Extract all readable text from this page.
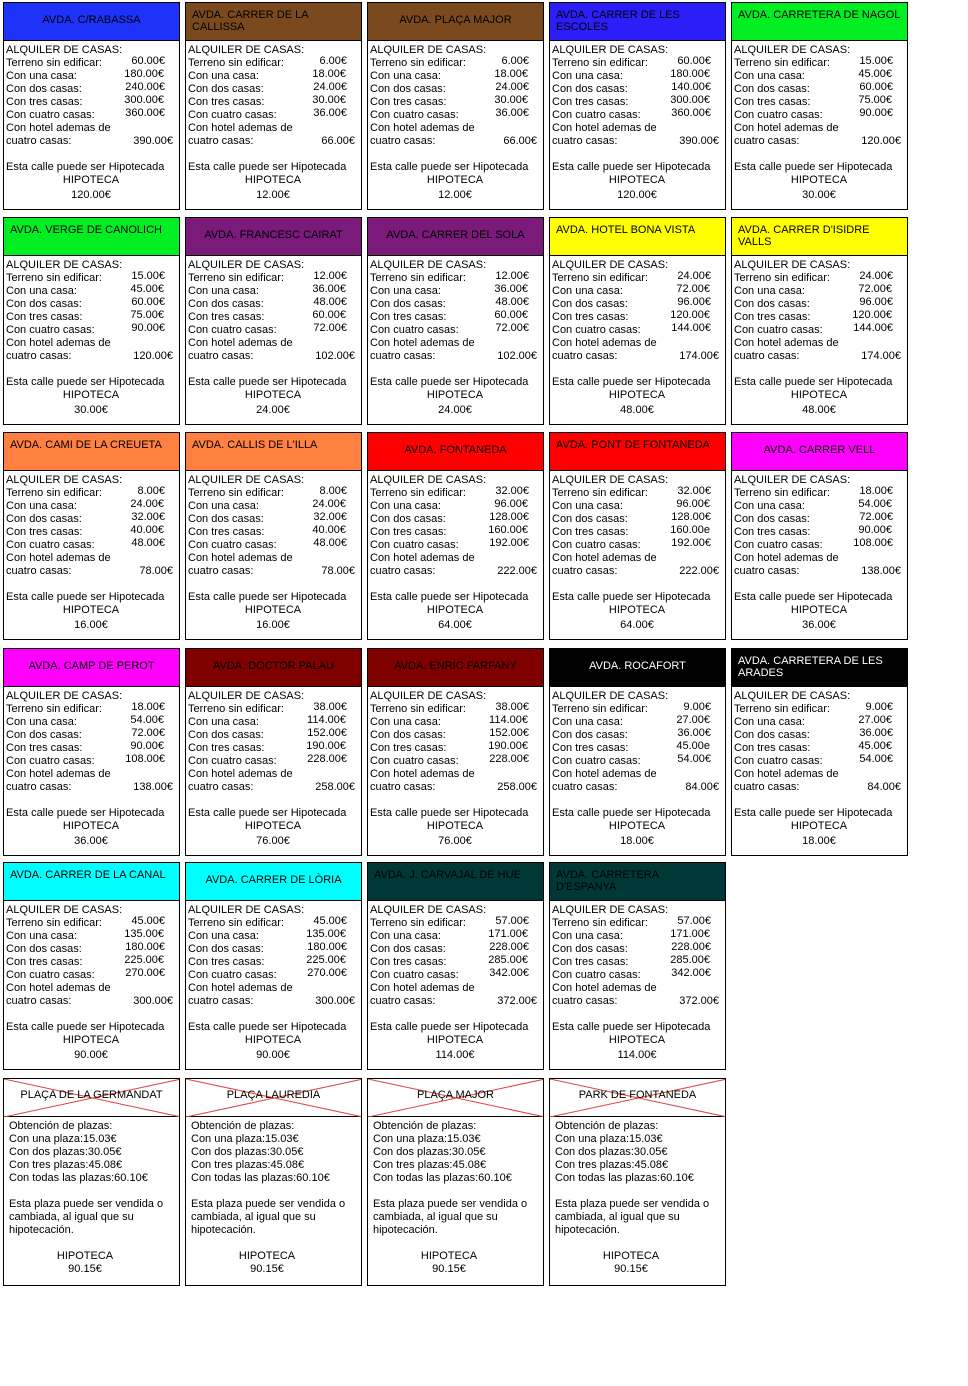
AVDA. C/RABASSA
ALQUILER DE CASAS:
Terreno sin edificar:	60.00€
Con una casa:	180.00€
Con dos casas:	240.00€
Con tres casas:	300.00€
Con cuatro casas:	360.00€
Con hotel ademas de
cuatro casas:	390.00€
Esta calle puede ser Hipotecada
HIPOTECA
120.00€
AVDA. CARRER DE LA CALLISSA
ALQUILER DE CASAS:
Terreno sin edificar:	6.00€
Con una casa:	18.00€
Con dos casas:	24.00€
Con tres casas:	30.00€
Con cuatro casas:	36.00€
Con hotel ademas de
cuatro casas:	66.00€
Esta calle puede ser Hipotecada
HIPOTECA
12.00€
AVDA. PLAÇA MAJOR
ALQUILER DE CASAS:
Terreno sin edificar:	6.00€
Con una casa:	18.00€
Con dos casas:	24.00€
Con tres casas:	30.00€
Con cuatro casas:	36.00€
Con hotel ademas de
cuatro casas:	66.00€
Esta calle puede ser Hipotecada
HIPOTECA
12.00€
AVDA. CARRER DE LES ESCOLES
ALQUILER DE CASAS:
Terreno sin edificar:	60.00€
Con una casa:	180.00€
Con dos casas:	140.00€
Con tres casas:	300.00€
Con cuatro casas:	360.00€
Con hotel ademas de
cuatro casas:	390.00€
Esta calle puede ser Hipotecada
HIPOTECA
120.00€
AVDA. CARRETERA DE NAGOL
ALQUILER DE CASAS:
Terreno sin edificar:	15.00€
Con una casa:	45.00€
Con dos casas:	60.00€
Con tres casas:	75.00€
Con cuatro casas:	90.00€
Con hotel ademas de
cuatro casas:	120.00€
Esta calle puede ser Hipotecada
HIPOTECA
30.00€
AVDA. VERGE DE CANOLICH
ALQUILER DE CASAS:
Terreno sin edificar:	15.00€
Con una casa:	45.00€
Con dos casas:	60.00€
Con tres casas:	75.00€
Con cuatro casas:	90.00€
Con hotel ademas de
cuatro casas:	120.00€
Esta calle puede ser Hipotecada
HIPOTECA
30.00€
AVDA. FRANCESC CAIRAT
ALQUILER DE CASAS:
Terreno sin edificar:	12.00€
Con una casa:	36.00€
Con dos casas:	48.00€
Con tres casas:	60.00€
Con cuatro casas:	72.00€
Con hotel ademas de
cuatro casas:	102.00€
Esta calle puede ser Hipotecada
HIPOTECA
24.00€
AVDA. CARRER DEL SOLA
ALQUILER DE CASAS:
Terreno sin edificar:	12.00€
Con una casa:	36.00€
Con dos casas:	48.00€
Con tres casas:	60.00€
Con cuatro casas:	72.00€
Con hotel ademas de
cuatro casas:	102.00€
Esta calle puede ser Hipotecada
HIPOTECA
24.00€
AVDA. HOTEL BONA VISTA
ALQUILER DE CASAS:
Terreno sin edificar:	24.00€
Con una casa:	72.00€
Con dos casas:	96.00€
Con tres casas:	120.00€
Con cuatro casas:	144.00€
Con hotel ademas de
cuatro casas:	174.00€
Esta calle puede ser Hipotecada
HIPOTECA
48.00€
AVDA. CARRER D'ISIDRE VALLS
ALQUILER DE CASAS:
Terreno sin edificar:	24.00€
Con una casa:	72.00€
Con dos casas:	96.00€
Con tres casas:	120.00€
Con cuatro casas:	144.00€
Con hotel ademas de
cuatro casas:	174.00€
Esta calle puede ser Hipotecada
HIPOTECA
48.00€
AVDA. CAMI DE LA CREUETA
ALQUILER DE CASAS:
Terreno sin edificar:	8.00€
Con una casa:	24.00€
Con dos casas:	32.00€
Con tres casas:	40.00€
Con cuatro casas:	48.00€
Con hotel ademas de
cuatro casas:	78.00€
Esta calle puede ser Hipotecada
HIPOTECA
16.00€
AVDA. CALLIS DE L'ILLA
ALQUILER DE CASAS:
Terreno sin edificar:	8.00€
Con una casa:	24.00€
Con dos casas:	32.00€
Con tres casas:	40.00€
Con cuatro casas:	48.00€
Con hotel ademas de
cuatro casas:	78.00€
Esta calle puede ser Hipotecada
HIPOTECA
16.00€
AVDA. FONTANEDA
ALQUILER DE CASAS:
Terreno sin edificar:	32.00€
Con una casa:	96.00€
Con dos casas:	128.00€
Con tres casas:	160.00€
Con cuatro casas:	192.00€
Con hotel ademas de
cuatro casas:	222.00€
Esta calle puede ser Hipotecada
HIPOTECA
64.00€
AVDA. PONT DE FONTANEDA
ALQUILER DE CASAS:
Terreno sin edificar:	32.00€
Con una casa:	96.00€
Con dos casas:	128.00€
Con tres casas:	160.00e
Con cuatro casas:	192.00€
Con hotel ademas de
cuatro casas:	222.00€
Esta calle puede ser Hipotecada
HIPOTECA
64.00€
AVDA. CARRER VELL
ALQUILER DE CASAS:
Terreno sin edificar:	18.00€
Con una casa:	54.00€
Con dos casas:	72.00€
Con tres casas:	90.00€
Con cuatro casas:	108.00€
Con hotel ademas de
cuatro casas:	138.00€
Esta calle puede ser Hipotecada
HIPOTECA
36.00€
AVDA. CAMP DE PEROT
ALQUILER DE CASAS:
Terreno sin edificar:	18.00€
Con una casa:	54.00€
Con dos casas:	72.00€
Con tres casas:	90.00€
Con cuatro casas:	108.00€
Con hotel ademas de
cuatro casas:	138.00€
Esta calle puede ser Hipotecada
HIPOTECA
36.00€
AVDA. DOCTOR PALAU
ALQUILER DE CASAS:
Terreno sin edificar:	38.00€
Con una casa:	114.00€
Con dos casas:	152.00€
Con tres casas:	190.00€
Con cuatro casas:	228.00€
Con hotel ademas de
cuatro casas:	258.00€
Esta calle puede ser Hipotecada
HIPOTECA
76.00€
AVDA. ENRIC FARFANY
ALQUILER DE CASAS:
Terreno sin edificar:	38.00€
Con una casa:	114.00€
Con dos casas:	152.00€
Con tres casas:	190.00€
Con cuatro casas:	228.00€
Con hotel ademas de
cuatro casas:	258.00€
Esta calle puede ser Hipotecada
HIPOTECA
76.00€
AVDA. ROCAFORT
ALQUILER DE CASAS:
Terreno sin edificar:	9.00€
Con una casa:	27.00€
Con dos casas:	36.00€
Con tres casas:	45.00e
Con cuatro casas:	54.00€
Con hotel ademas de
cuatro casas:	84.00€
Esta calle puede ser Hipotecada
HIPOTECA
18.00€
AVDA. CARRETERA DE LES ARADES
ALQUILER DE CASAS:
Terreno sin edificar:	9.00€
Con una casa:	27.00€
Con dos casas:	36.00€
Con tres casas:	45.00€
Con cuatro casas:	54.00€
Con hotel ademas de
cuatro casas:	84.00€
Esta calle puede ser Hipotecada
HIPOTECA
18.00€
AVDA. CARRER DE LA CANAL
ALQUILER DE CASAS:
Terreno sin edificar:	45.00€
Con una casa:	135.00€
Con dos casas:	180.00€
Con tres casas:	225.00€
Con cuatro casas:	270.00€
Con hotel ademas de
cuatro casas:	300.00€
Esta calle puede ser Hipotecada
HIPOTECA
90.00€
AVDA. CARRER DE LÒRIA
ALQUILER DE CASAS:
Terreno sin edificar:	45.00€
Con una casa:	135.00€
Con dos casas:	180.00€
Con tres casas:	225.00€
Con cuatro casas:	270.00€
Con hotel ademas de
cuatro casas:	300.00€
Esta calle puede ser Hipotecada
HIPOTECA
90.00€
AVDA. J. CARVAJAL DE HUE
ALQUILER DE CASAS:
Terreno sin edificar:	57.00€
Con una casa:	171.00€
Con dos casas:	228.00€
Con tres casas:	285.00€
Con cuatro casas:	342.00€
Con hotel ademas de
cuatro casas:	372.00€
Esta calle puede ser Hipotecada
HIPOTECA
114.00€
AVDA. CARRETERA D'ESPANYA
ALQUILER DE CASAS:
Terreno sin edificar:	57.00€
Con una casa:	171.00€
Con dos casas:	228.00€
Con tres casas:	285.00€
Con cuatro casas:	342.00€
Con hotel ademas de
cuatro casas:	372.00€
Esta calle puede ser Hipotecada
HIPOTECA
114.00€
PLAÇA DE LA GERMANDAT
Obtención de plazas:
Con una plaza:15.03€
Con dos plazas:30.05€
Con tres plazas:45.08€
Con todas las plazas:60.10€
Esta plaza puede ser vendida o
cambiada, al igual que su
hipotecación.
HIPOTECA
90.15€
PLAÇA LAUREDIA
Obtención de plazas:
Con una plaza:15.03€
Con dos plazas:30.05€
Con tres plazas:45.08€
Con todas las plazas:60.10€
Esta plaza puede ser vendida o
cambiada, al igual que su
hipotecación.
HIPOTECA
90.15€
PLAÇA MAJOR
Obtención de plazas:
Con una plaza:15.03€
Con dos plazas:30.05€
Con tres plazas:45.08€
Con todas las plazas:60.10€
Esta plaza puede ser vendida o
cambiada, al igual que su
hipotecación.
HIPOTECA
90.15€
PARK DE FONTANEDA
Obtención de plazas:
Con una plaza:15.03€
Con dos plazas:30.05€
Con tres plazas:45.08€
Con todas las plazas:60.10€
Esta plaza puede ser vendida o
cambiada, al igual que su
hipotecación.
HIPOTECA
90.15€
